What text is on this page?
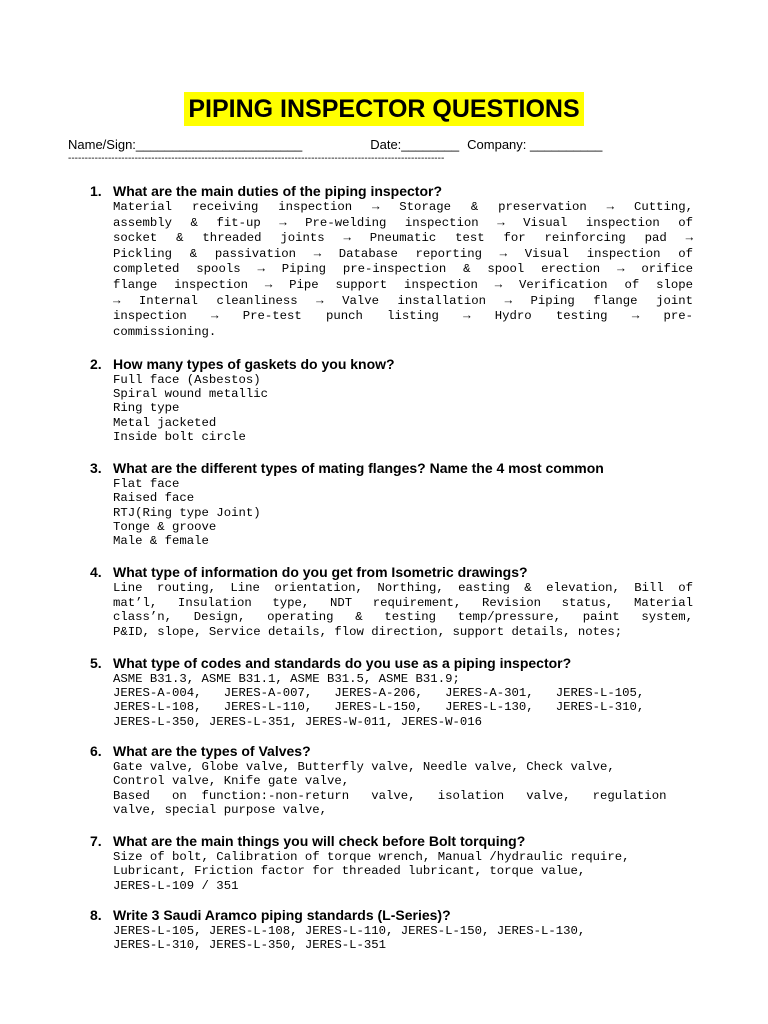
PIPING INSPECTOR QUESTIONS
Name/Sign:_______________________	Date:________ Company: __________
-----------------------------------------------------------------------------------------------------------------
1. What are the main duties of the piping inspector?
Material receiving inspection → Storage & preservation → Cutting,
assembly & fit-up → Pre-welding inspection → Visual inspection of
socket & threaded joints → Pneumatic test for reinforcing pad →
Pickling & passivation → Database reporting → Visual inspection of
completed spools → Piping pre-inspection & spool erection → orifice
flange inspection → Pipe support inspection → Verification of slope
→ Internal cleanliness → Valve installation → Piping flange joint
inspection → Pre-test punch listing → Hydro testing → pre-
commissioning.
2. How many types of gaskets do you know?
Full face (Asbestos)
Spiral wound metallic
Ring type
Metal jacketed
Inside bolt circle
3. What are the different types of mating flanges? Name the 4 most common
Flat face
Raised face
RTJ(Ring type Joint)
Tonge & groove
Male & female
4. What type of information do you get from Isometric drawings?
Line routing, Line orientation, Northing, easting & elevation, Bill of
mat’l, Insulation type, NDT requirement, Revision status, Material
class’n, Design, operating & testing temp/pressure, paint system,
P&ID, slope, Service details, flow direction, support details, notes;
5. What type of codes and standards do you use as a piping inspector?
ASME B31.3, ASME B31.1, ASME B31.5, ASME B31.9;
JERES-A-004,   JERES-A-007,   JERES-A-206,   JERES-A-301,   JERES-L-105,
JERES-L-108,   JERES-L-110,   JERES-L-150,   JERES-L-130,   JERES-L-310,
JERES-L-350, JERES-L-351, JERES-W-011, JERES-W-016
6. What are the types of Valves?
Gate valve, Globe valve, Butterfly valve, Needle valve, Check valve,
Control valve, Knife gate valve,
Based   on  function:-non-return   valve,   isolation   valve,   regulation
valve, special purpose valve,
7. What are the main things you will check before Bolt torquing?
Size of bolt, Calibration of torque wrench, Manual /hydraulic require,
Lubricant, Friction factor for threaded lubricant, torque value,
JERES-L-109 / 351
8. Write 3 Saudi Aramco piping standards (L-Series)?
JERES-L-105, JERES-L-108, JERES-L-110, JERES-L-150, JERES-L-130,
JERES-L-310, JERES-L-350, JERES-L-351
